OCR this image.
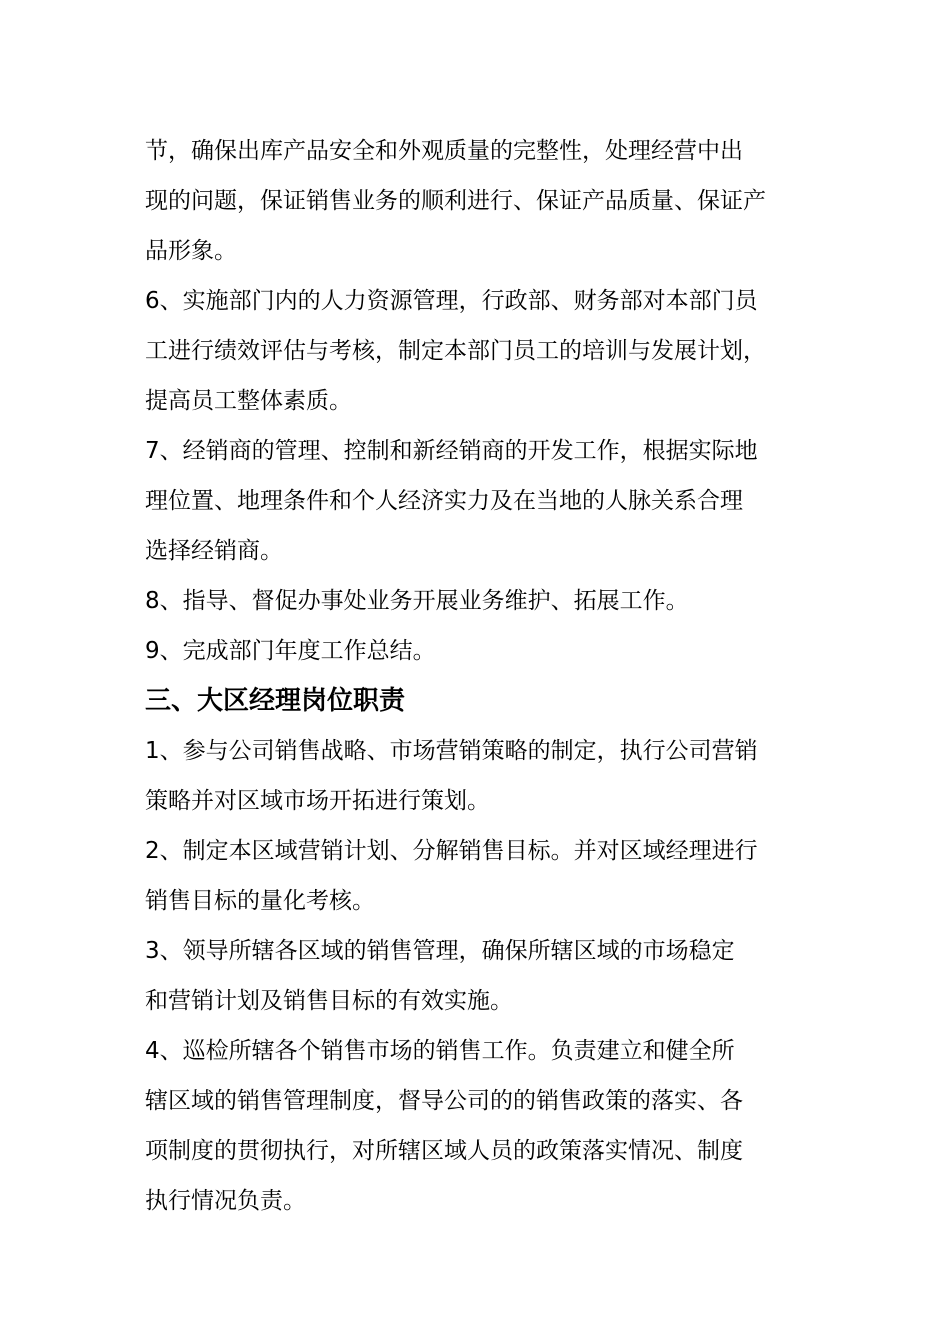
节，确保出库产品安全和外观质量的完整性，处理经营中出
现的问题，保证销售业务的顺利进行、保证产品质量、保证产
品形象。
6、实施部门内的人力资源管理，行政部、财务部对本部门员
工进行绩效评估与考核，制定本部门员工的培训与发展计划，
提高员工整体素质。
7、经销商的管理、控制和新经销商的开发工作，根据实际地
理位置、地理条件和个人经济实力及在当地的人脉关系合理
选择经销商。
8、指导、督促办事处业务开展业务维护、拓展工作。
9、完成部门年度工作总结。
三、大区经理岗位职责
1、参与公司销售战略、市场营销策略的制定，执行公司营销
策略并对区域市场开拓进行策划。
2、制定本区域营销计划、分解销售目标。并对区域经理进行
销售目标的量化考核。
3、领导所辖各区域的销售管理，确保所辖区域的市场稳定
和营销计划及销售目标的有效实施。
4、巡检所辖各个销售市场的销售工作。负责建立和健全所
辖区域的销售管理制度，督导公司的的销售政策的落实、各
项制度的贯彻执行，对所辖区域人员的政策落实情况、制度
执行情况负责。
